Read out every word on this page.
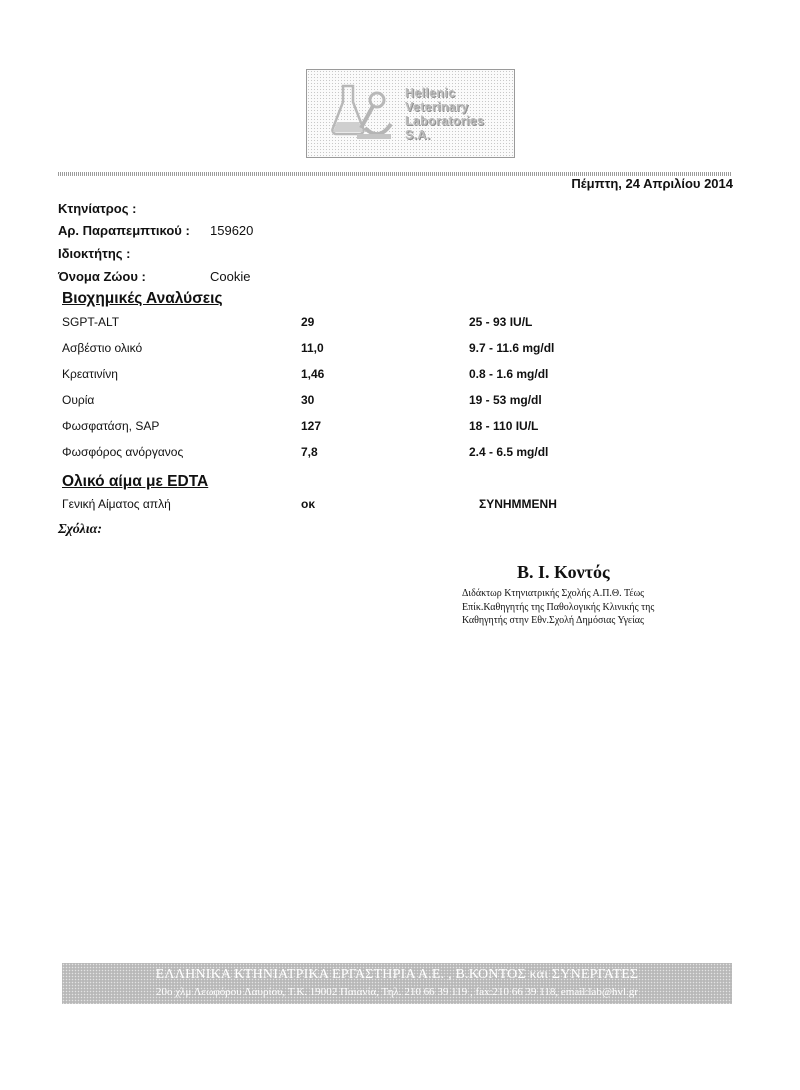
Hellenic
Veterinary
Laboratories
S.A.
Πέμπτη, 24 Απριλίου 2014
Κτηνίατρος :
Αρ. Παραπεμπτικού : 159620
Ιδιοκτήτης :
Όνομα Ζώου :	Cookie
Βιοχημικές Αναλύσεις
SGPT-ALT	29	25 - 93 IU/L
Ασβέστιο ολικό	11,0	9.7 - 11.6 mg/dl
Κρεατινίνη	1,46	0.8 - 1.6 mg/dl
Ουρία	30	19 - 53 mg/dl
Φωσφατάση, SAP	127	18 - 110 IU/L
Φωσφόρος ανόργανος	7,8	2.4 - 6.5 mg/dl
Ολικό αίμα με EDTA
Γενική Αίματος απλή	οκ	ΣΥΝΗΜΜΕΝΗ
Σχόλια:
Β. Ι. Κοντός
Διδάκτωρ Κτηνιατρικής Σχολής Α.Π.Θ. Τέως
Επίκ.Καθηγητής της Παθολογικής Κλινικής της
Καθηγητής στην Εθν.Σχολή Δημόσιας Υγείας
ΕΛΛΗΝΙΚΑ ΚΤΗΝΙΑΤΡΙΚΑ ΕΡΓΑΣΤΗΡΙΑ Α.Ε. , Β.ΚΟΝΤΟΣ και ΣΥΝΕΡΓΑΤΕΣ
20ο χλμ Λεωφόρου Λαυρίου, Τ.Κ. 19002 Παιανία, Τηλ. 210 66 39 119 , fax:210 66 39 118, email:lab@hvl.gr
